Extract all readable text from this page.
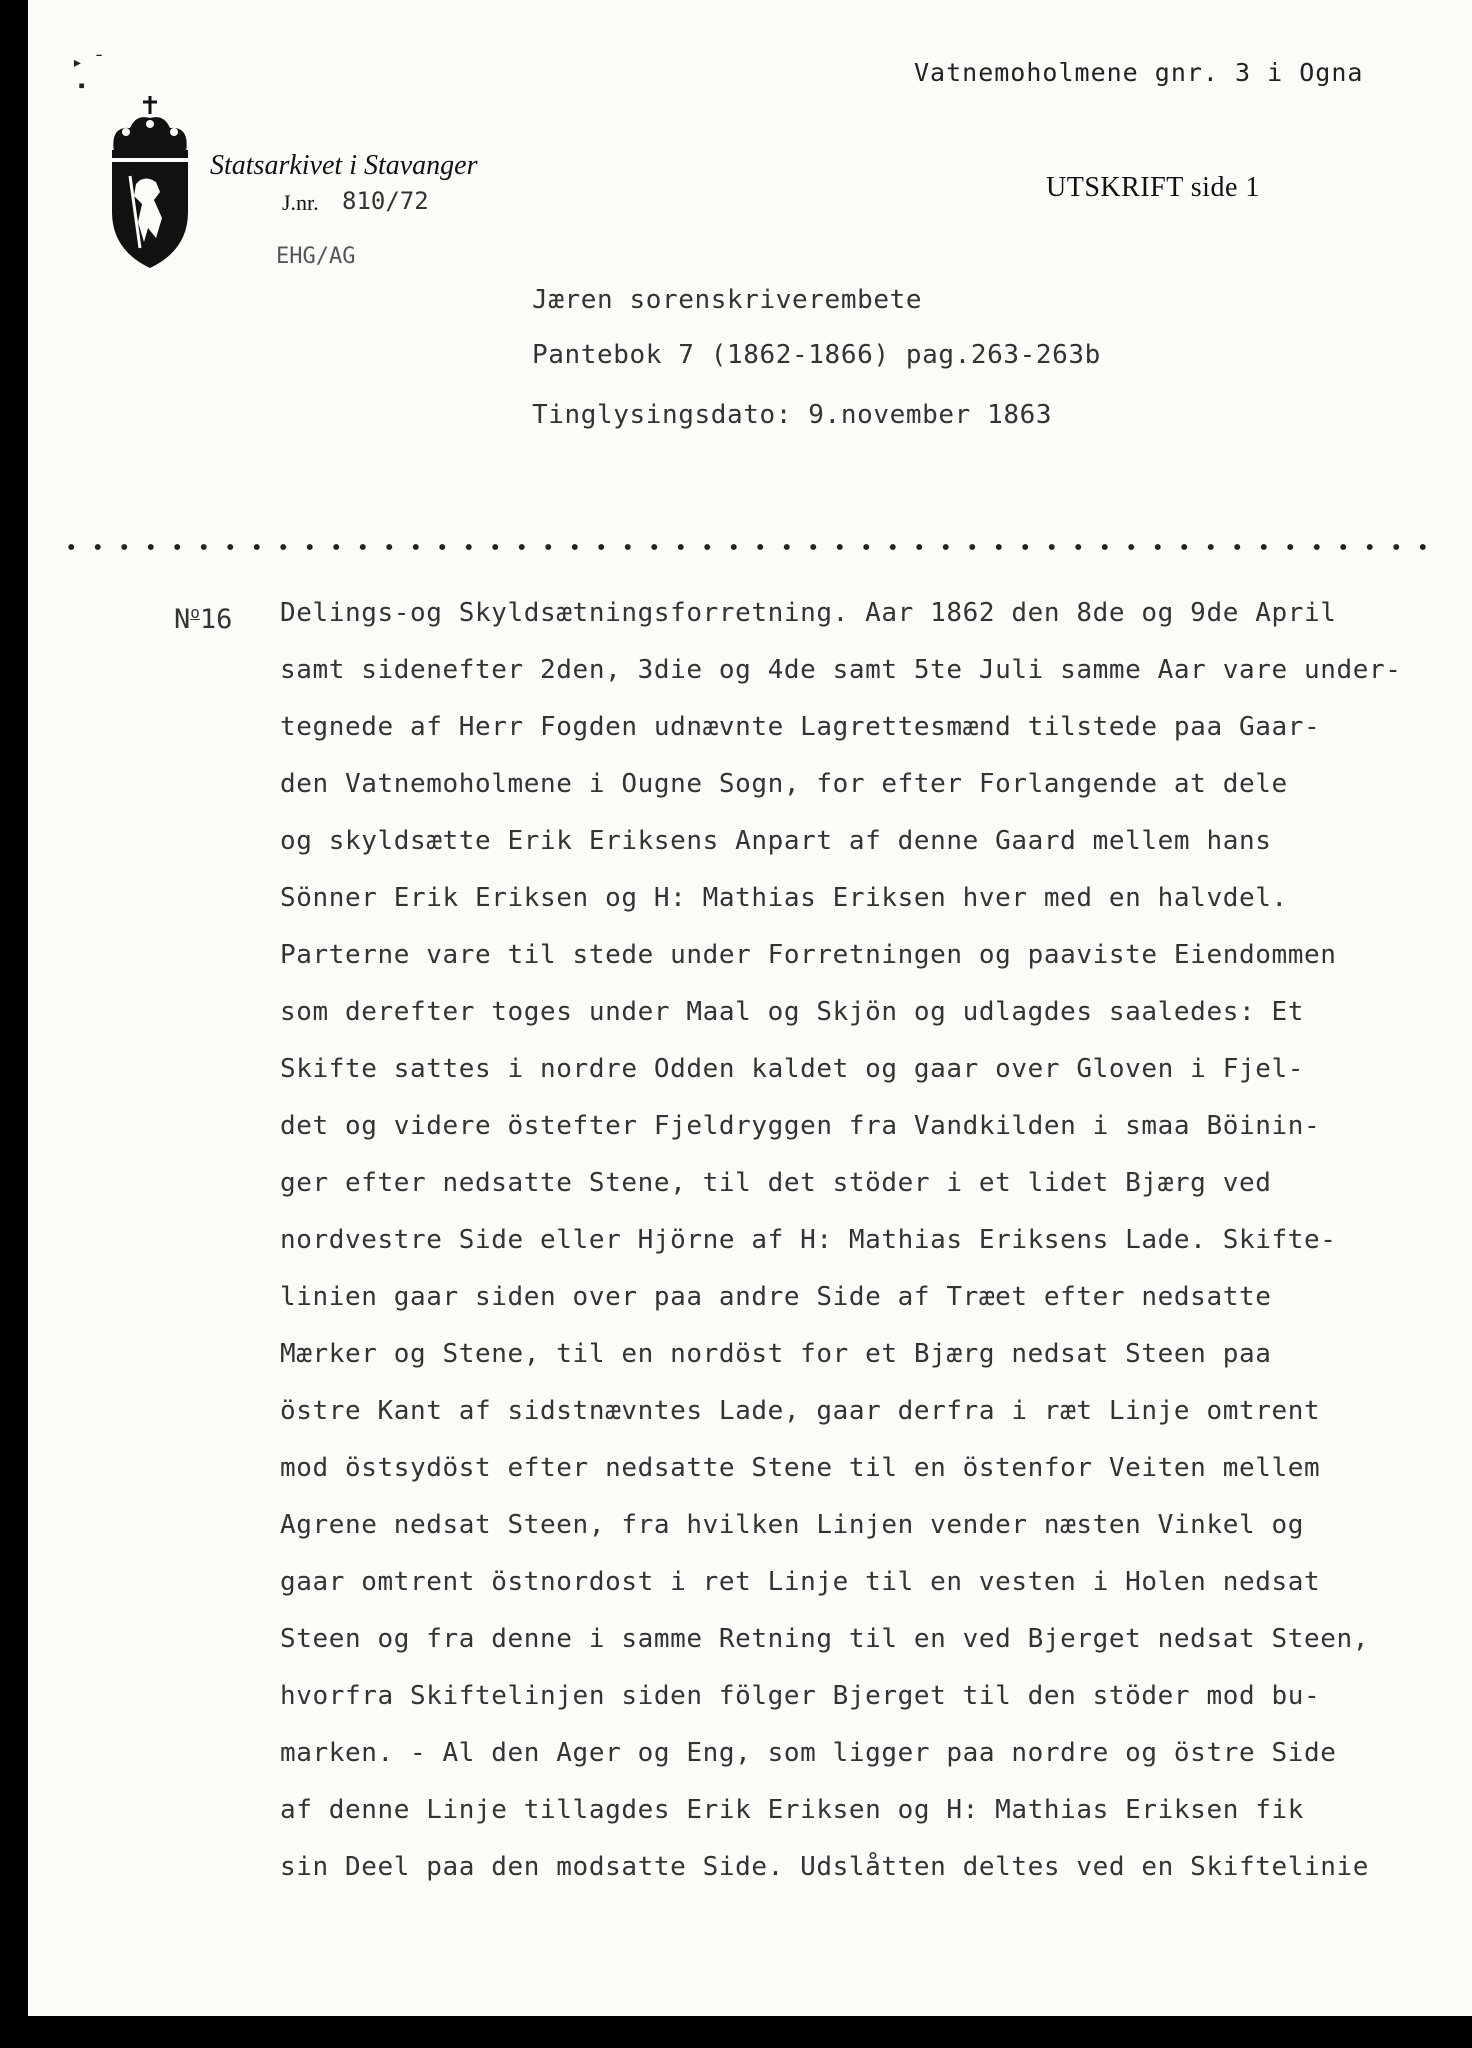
▸ ˉ
▪	Vatnemoholmene gnr. 3 i Ogna
Statsarkivet i Stavanger
J.nr. 810/72
EHG/AG
UTSKRIFT side 1
Jæren sorenskriverembete
Pantebok 7 (1862-1866) pag.263-263b
Tinglysingsdato: 9.november 1863
$N^o16$ Delings-og Skyldsætningsforretning. Aar 1862 den 8de og 9de April
samt sidenefter 2den, 3die og 4de samt 5te Juli samme Aar vare under-
tegnede af Herr Fogden udnævnte Lagrettesmænd tilstede paa Gaar-
den Vatnemoholmene i Ougne Sogn, for efter Forlangende at dele
og skyldsætte Erik Eriksens Anpart af denne Gaard mellem hans
Sönner Erik Eriksen og H: Mathias Eriksen hver med en halvdel.
Parterne vare til stede under Forretningen og paaviste Eiendommen
som derefter toges under Maal og Skjön og udlagdes saaledes: Et
Skifte sattes i nordre Odden kaldet og gaar over Gloven i Fjel-
det og videre östefter Fjeldryggen fra Vandkilden i smaa Böinin-
ger efter nedsatte Stene, til det stöder i et lidet Bjærg ved
nordvestre Side eller Hjörne af H: Mathias Eriksens Lade. Skifte-
linien gaar siden over paa andre Side af Træet efter nedsatte
Mærker og Stene, til en nordöst for et Bjærg nedsat Steen paa
östre Kant af sidstnævntes Lade, gaar derfra i ræt Linje omtrent
mod östsydöst efter nedsatte Stene til en östenfor Veiten mellem
Agrene nedsat Steen, fra hvilken Linjen vender næsten Vinkel og
gaar omtrent östnordost i ret Linje til en vesten i Holen nedsat
Steen og fra denne i samme Retning til en ved Bjerget nedsat Steen,
hvorfra Skiftelinjen siden fölger Bjerget til den stöder mod bu-
marken. - Al den Ager og Eng, som ligger paa nordre og östre Side
af denne Linje tillagdes Erik Eriksen og H: Mathias Eriksen fik
sin Deel paa den modsatte Side. Udslåtten deltes ved en Skiftelinie
